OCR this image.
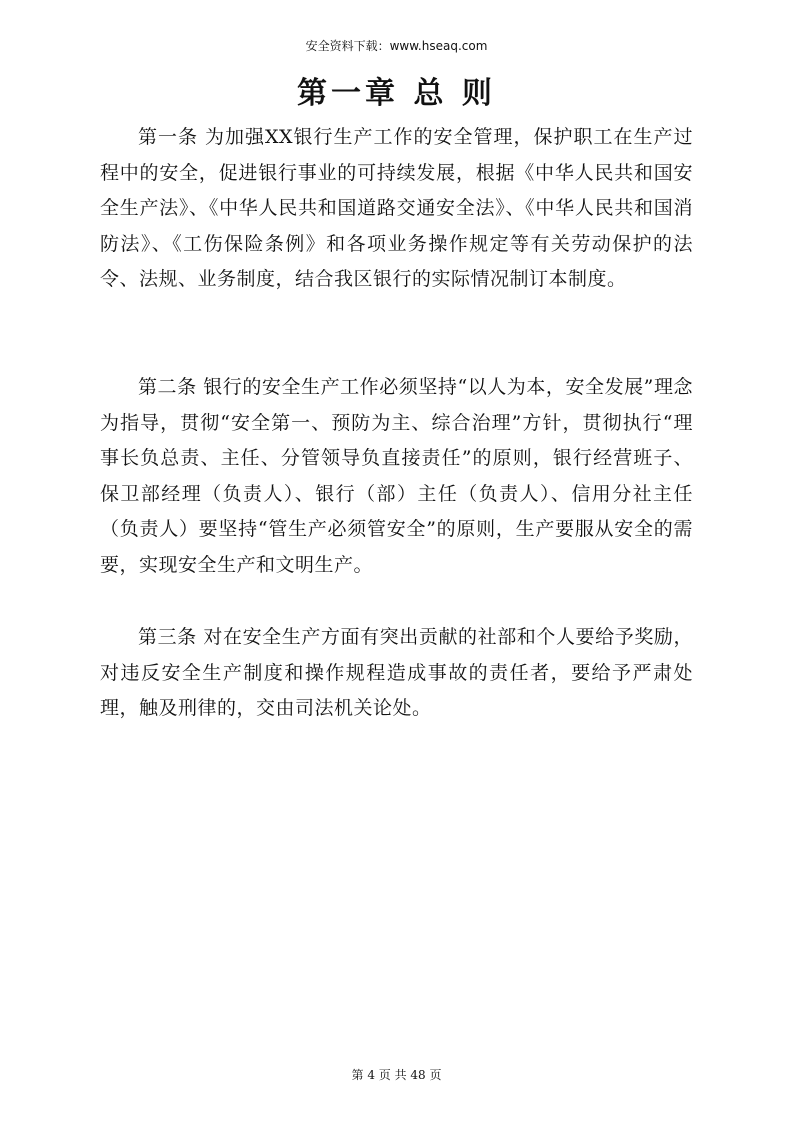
安全资料下载：www.hseaq.com
第一章 总 则

第一条 为加强XX银行生产工作的安全管理，保护职工在生产过程中的安全，促进银行事业的可持续发展，根据《中华人民共和国安全生产法》、《中华人民共和国道路交通安全法》、《中华人民共和国消防法》、《工伤保险条例》和各项业务操作规定等有关劳动保护的法令、法规、业务制度，结合我区银行的实际情况制订本制度。

第二条 银行的安全生产工作必须坚持“以人为本，安全发展”理念为指导，贯彻“安全第一、预防为主、综合治理”方针，贯彻执行“理事长负总责、主任、分管领导负直接责任”的原则，银行经营班子、保卫部经理（负责人）、银行（部）主任（负责人）、信用分社主任（负责人）要坚持“管生产必须管安全”的原则，生产要服从安全的需要，实现安全生产和文明生产。

第三条 对在安全生产方面有突出贡献的社部和个人要给予奖励，对违反安全生产制度和操作规程造成事故的责任者，要给予严肃处理，触及刑律的，交由司法机关论处。

第 4 页 共 48 页
